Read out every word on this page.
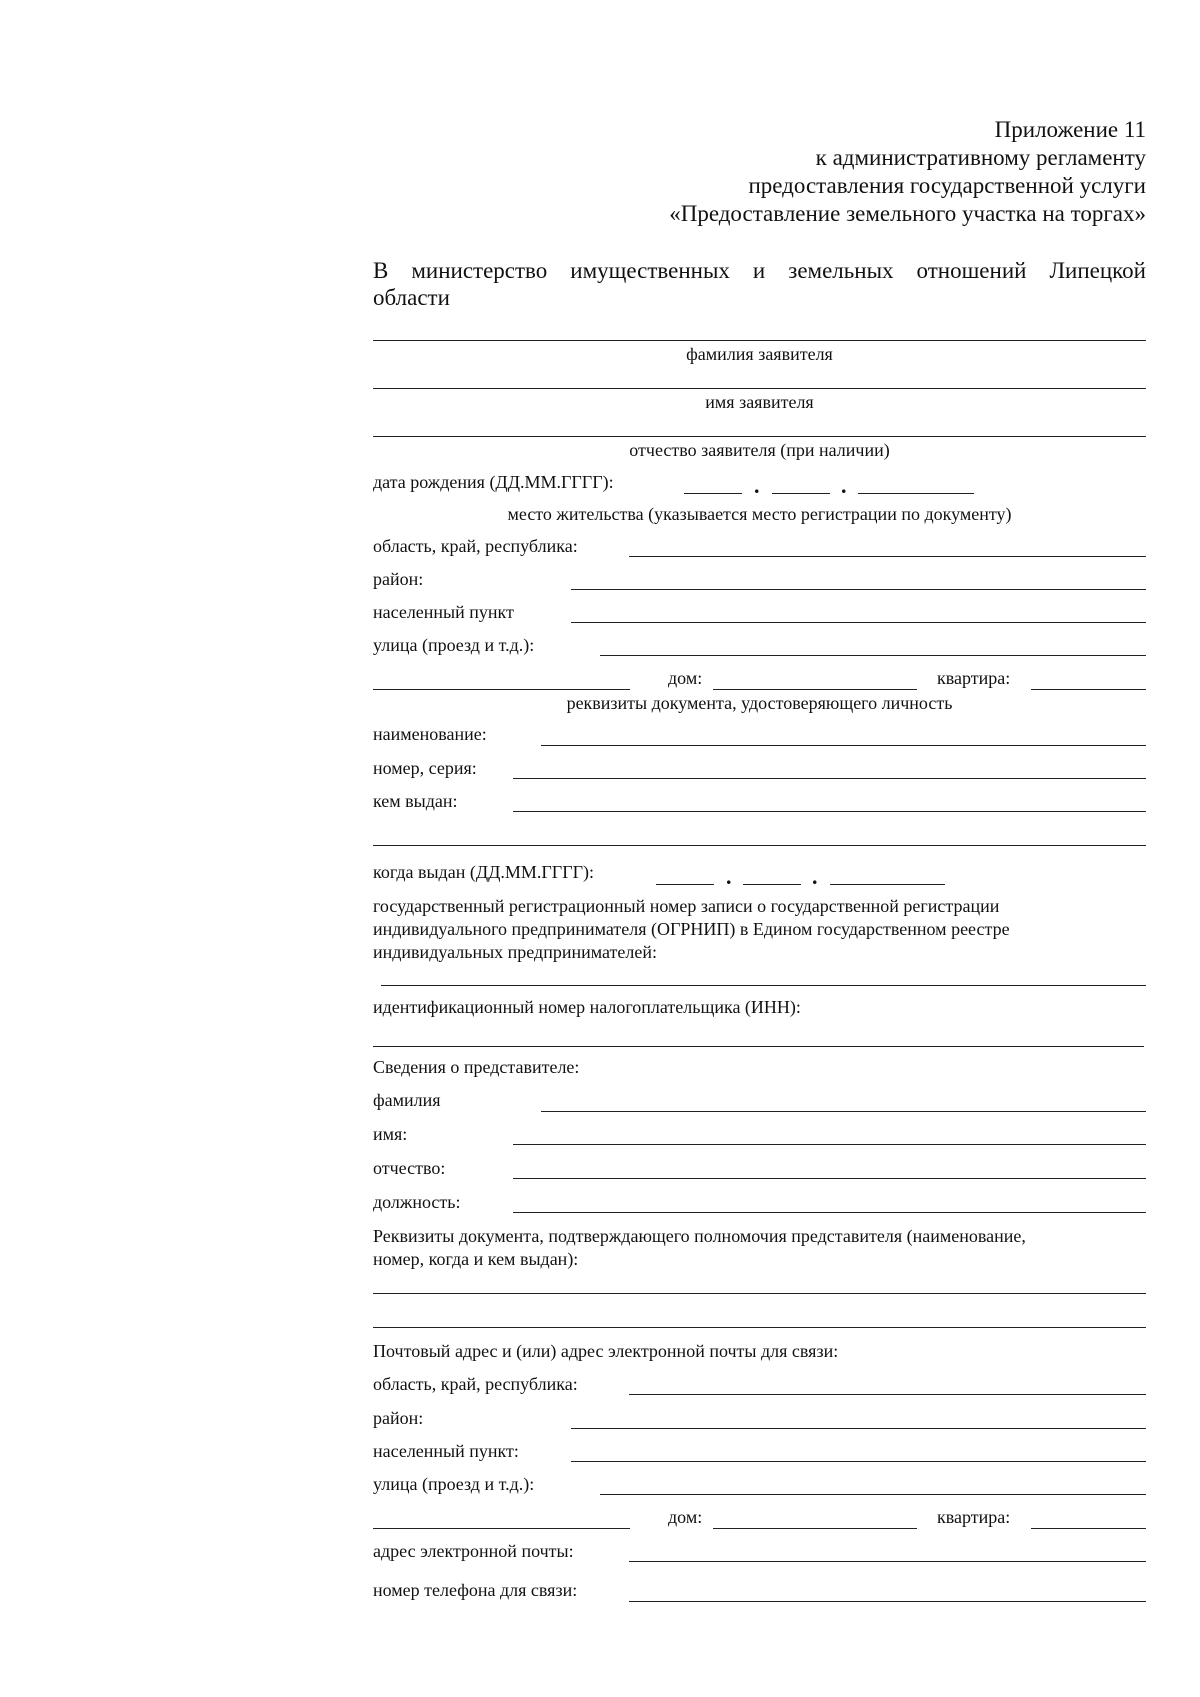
Приложение 11
к административному регламенту
предоставления государственной услуги
«Предоставление земельного участка на торгах»
В министерство имущественных и земельных отношений Липецкой
области
фамилия заявителя
имя заявителя
отчество заявителя (при наличии)
дата рождения (ДД.ММ.ГГГГ):	.	.
место жительства (указывается место регистрации по документу)
область, край, республика:
район:
населенный пункт
улица (проезд и т.д.):
дом:	квартира:
реквизиты документа, удостоверяющего личность
наименование:
номер, серия:
кем выдан:
когда выдан (ДД.ММ.ГГГГ):	.	.
государственный регистрационный номер записи о государственной регистрации
индивидуального предпринимателя (ОГРНИП) в Едином государственном реестре
индивидуальных предпринимателей:
идентификационный номер налогоплательщика (ИНН):
Сведения о представителе:
фамилия
имя:
отчество:
должность:
Реквизиты документа, подтверждающего полномочия представителя (наименование,
номер, когда и кем выдан):
Почтовый адрес и (или) адрес электронной почты для связи:
область, край, республика:
район:
населенный пункт:
улица (проезд и т.д.):
дом:	квартира:
адрес электронной почты:
номер телефона для связи:
